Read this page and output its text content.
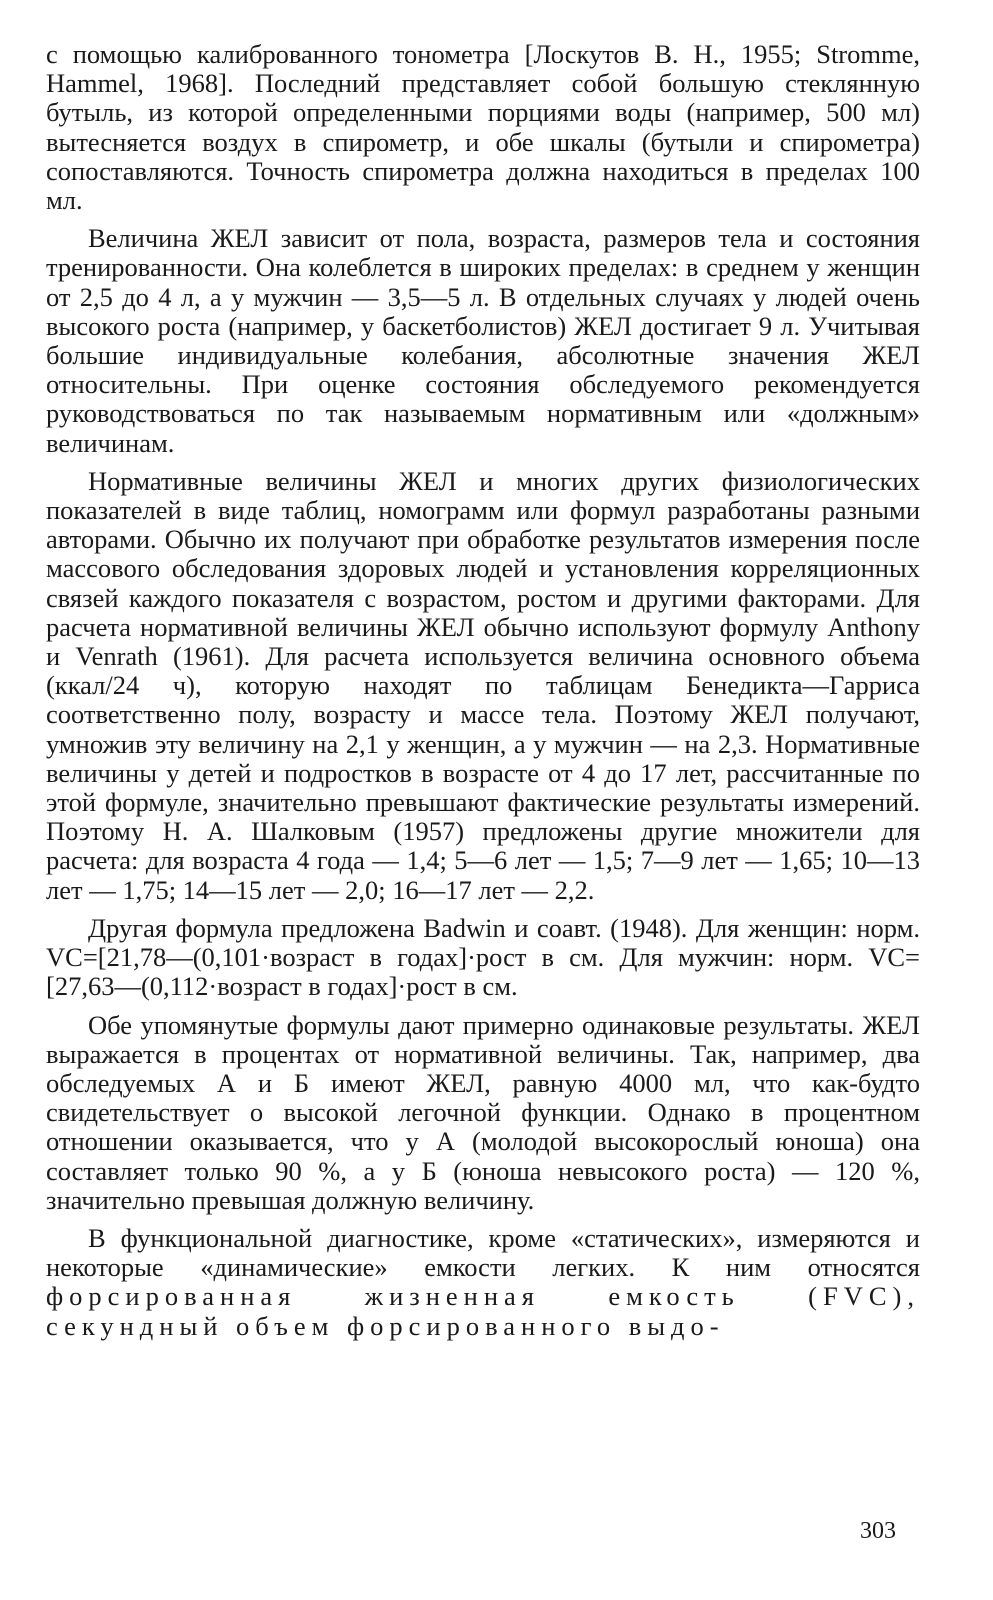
с помощью калиброванного тонометра [Лоскутов В. Н., 1955; Stromme, Hammel, 1968]. Последний представляет собой большую стеклянную бутыль, из которой определенными порциями воды (например, 500 мл) вытесняется воздух в спирометр, и обе шкалы (бутыли и спирометра) сопоставляются. Точность спирометра должна находиться в пределах 100 мл.

Величина ЖЕЛ зависит от пола, возраста, размеров тела и состояния тренированности. Она колеблется в широких пределах: в среднем у женщин от 2,5 до 4 л, а у мужчин — 3,5—5 л. В отдельных случаях у людей очень высокого роста (например, у баскетболистов) ЖЕЛ достигает 9 л. Учитывая большие индивидуальные колебания, абсолютные значения ЖЕЛ относительны. При оценке состояния обследуемого рекомендуется руководствоваться по так называемым нормативным или «должным» величинам.

Нормативные величины ЖЕЛ и многих других физиологических показателей в виде таблиц, номограмм или формул разработаны разными авторами. Обычно их получают при обработке результатов измерения после массового обследования здоровых людей и установления корреляционных связей каждого показателя с возрастом, ростом и другими факторами. Для расчета нормативной величины ЖЕЛ обычно используют формулу Anthony и Venrath (1961). Для расчета используется величина основного объема (ккал/24 ч), которую находят по таблицам Бенедикта—Гарриса соответственно полу, возрасту и массе тела. Поэтому ЖЕЛ получают, умножив эту величину на 2,1 у женщин, а у мужчин — на 2,3. Нормативные величины у детей и подростков в возрасте от 4 до 17 лет, рассчитанные по этой формуле, значительно превышают фактические результаты измерений. Поэтому Н. А. Шалковым (1957) предложены другие множители для расчета: для возраста 4 года — 1,4; 5—6 лет — 1,5; 7—9 лет — 1,65; 10—13 лет — 1,75; 14—15 лет — 2,0; 16—17 лет — 2,2.

Другая формула предложена Badwin и соавт. (1948). Для женщин: норм. VC=[21,78—(0,101·возраст в годах]·рост в см. Для мужчин: норм. VC=[27,63—(0,112·возраст в годах]·рост в см.

Обе упомянутые формулы дают примерно одинаковые результаты. ЖЕЛ выражается в процентах от нормативной величины. Так, например, два обследуемых А и Б имеют ЖЕЛ, равную 4000 мл, что как-будто свидетельствует о высокой легочной функции. Однако в процентном отношении оказывается, что у А (молодой высокорослый юноша) она составляет только 90 %, а у Б (юноша невысокого роста) — 120 %, значительно превышая должную величину.

В функциональной диагностике, кроме «статических», измеряются и некоторые «динамические» емкости легких. К ним относятся форсированная жизненная емкость (FVC), секундный объем форсированного выдо-

303
